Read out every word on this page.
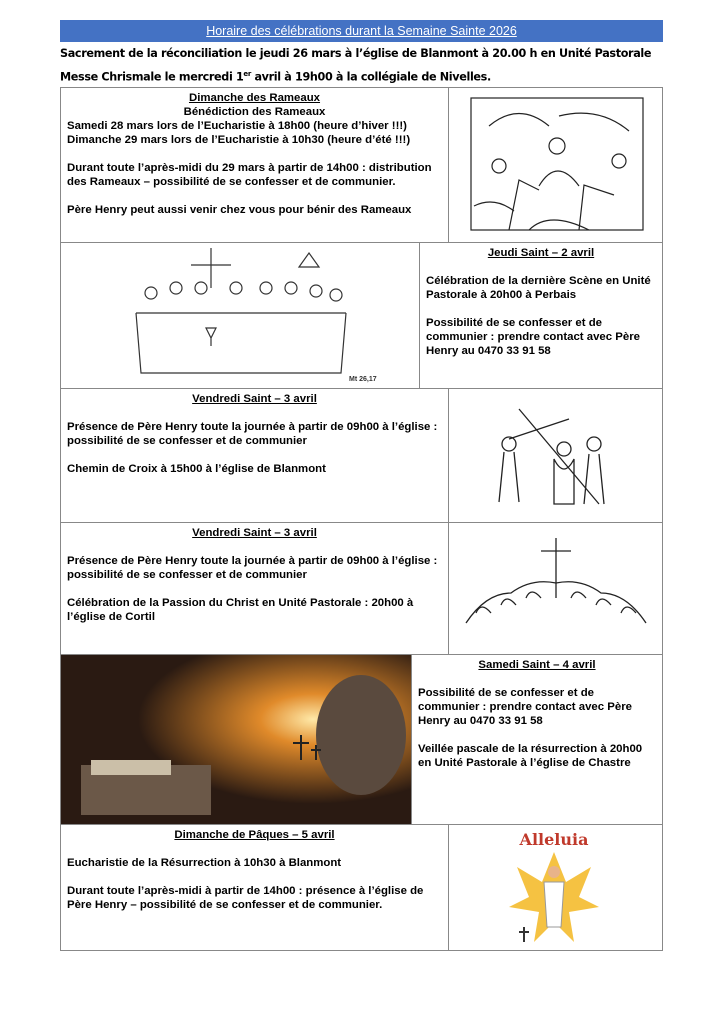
Horaire des célébrations durant la Semaine Sainte 2026
Sacrement de la réconciliation le jeudi 26 mars à l’église de Blanmont à 20.00 h en Unité Pastorale
Messe Chrismale le mercredi 1er avril à 19h00 à la collégiale de Nivelles.
Dimanche des Rameaux
Bénédiction des Rameaux
Samedi 28 mars lors de l’Eucharistie à 18h00 (heure d’hiver !!!)
Dimanche 29 mars lors de l’Eucharistie à 10h30 (heure d’été !!!)
Durant toute l’après-midi du 29 mars à partir de 14h00 : distribution des Rameaux – possibilité de se confesser et de communier.
Père Henry peut aussi venir chez vous pour bénir des Rameaux
Mt 26,17
Jeudi Saint – 2 avril
Célébration de la dernière Scène en Unité Pastorale à 20h00 à Perbais
Possibilité de se confesser et de communier : prendre contact avec Père Henry au 0470 33 91 58
Vendredi Saint – 3 avril
Présence de Père Henry toute la journée à partir de 09h00 à l’église : possibilité de se confesser et de communier
Chemin de Croix à 15h00 à l’église de Blanmont
Vendredi Saint – 3 avril
Présence de Père Henry toute la journée à partir de 09h00 à l’église : possibilité de se confesser et de communier
Célébration de la Passion du Christ en Unité Pastorale : 20h00 à l’église de Cortil
Samedi Saint – 4 avril
Possibilité de se confesser et de communier : prendre contact avec Père Henry au 0470 33 91 58
Veillée pascale de la résurrection à 20h00 en Unité Pastorale à l’église de Chastre
Dimanche de Pâques – 5 avril
Eucharistie de la Résurrection à 10h30 à Blanmont
Durant toute l’après-midi à partir de 14h00 : présence à l’église de Père Henry – possibilité de se confesser et de communier.
Alleluia
